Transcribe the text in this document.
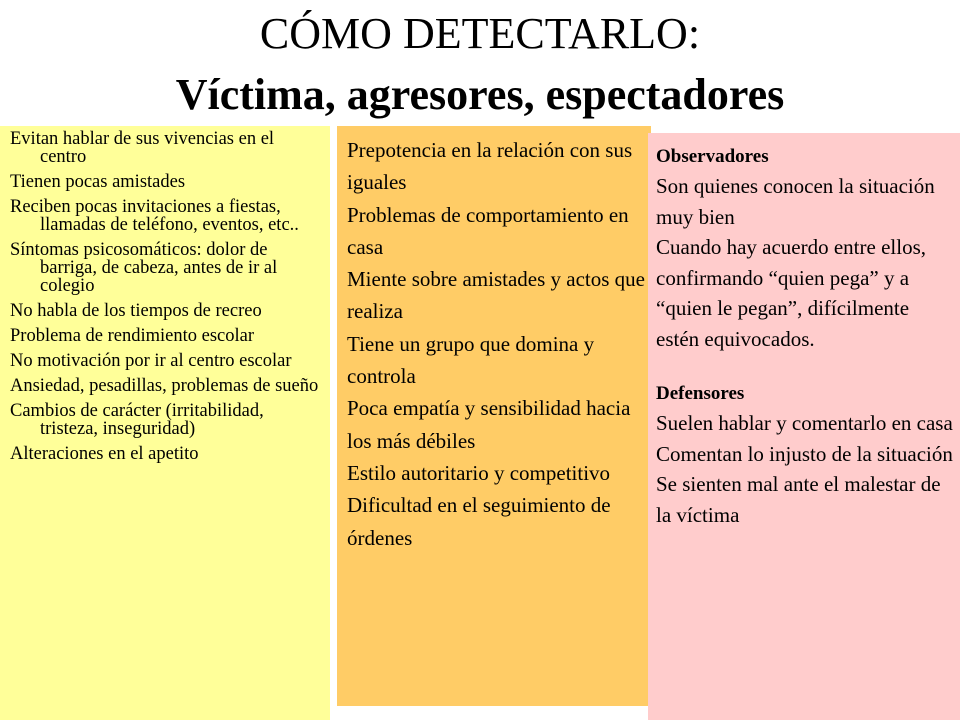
CÓMO DETECTARLO:
Víctima, agresores, espectadores
Evitan hablar de sus vivencias en el centro
Tienen pocas amistades
Reciben pocas invitaciones a fiestas, llamadas de teléfono, eventos, etc..
Síntomas psicosomáticos: dolor de barriga, de cabeza, antes de ir al colegio
No habla de los tiempos de recreo
Problema de rendimiento escolar
No motivación por ir al centro escolar
Ansiedad, pesadillas, problemas de sueño
Cambios de carácter (irritabilidad, tristeza, inseguridad)
Alteraciones en el apetito
Prepotencia en la relación con sus iguales
Problemas de comportamiento en casa
Miente sobre amistades y actos que realiza
Tiene un grupo que domina y controla
Poca empatía y sensibilidad hacia los más débiles
Estilo autoritario y competitivo
Dificultad en el seguimiento de órdenes
Observadores
Son quienes conocen la situación muy bien
Cuando hay acuerdo entre ellos, confirmando “quien pega” y a “quien le pegan”, difícilmente estén equivocados.
Defensores
Suelen hablar y comentarlo en casa
Comentan lo injusto de la situación
Se sienten mal ante el malestar de la víctima
